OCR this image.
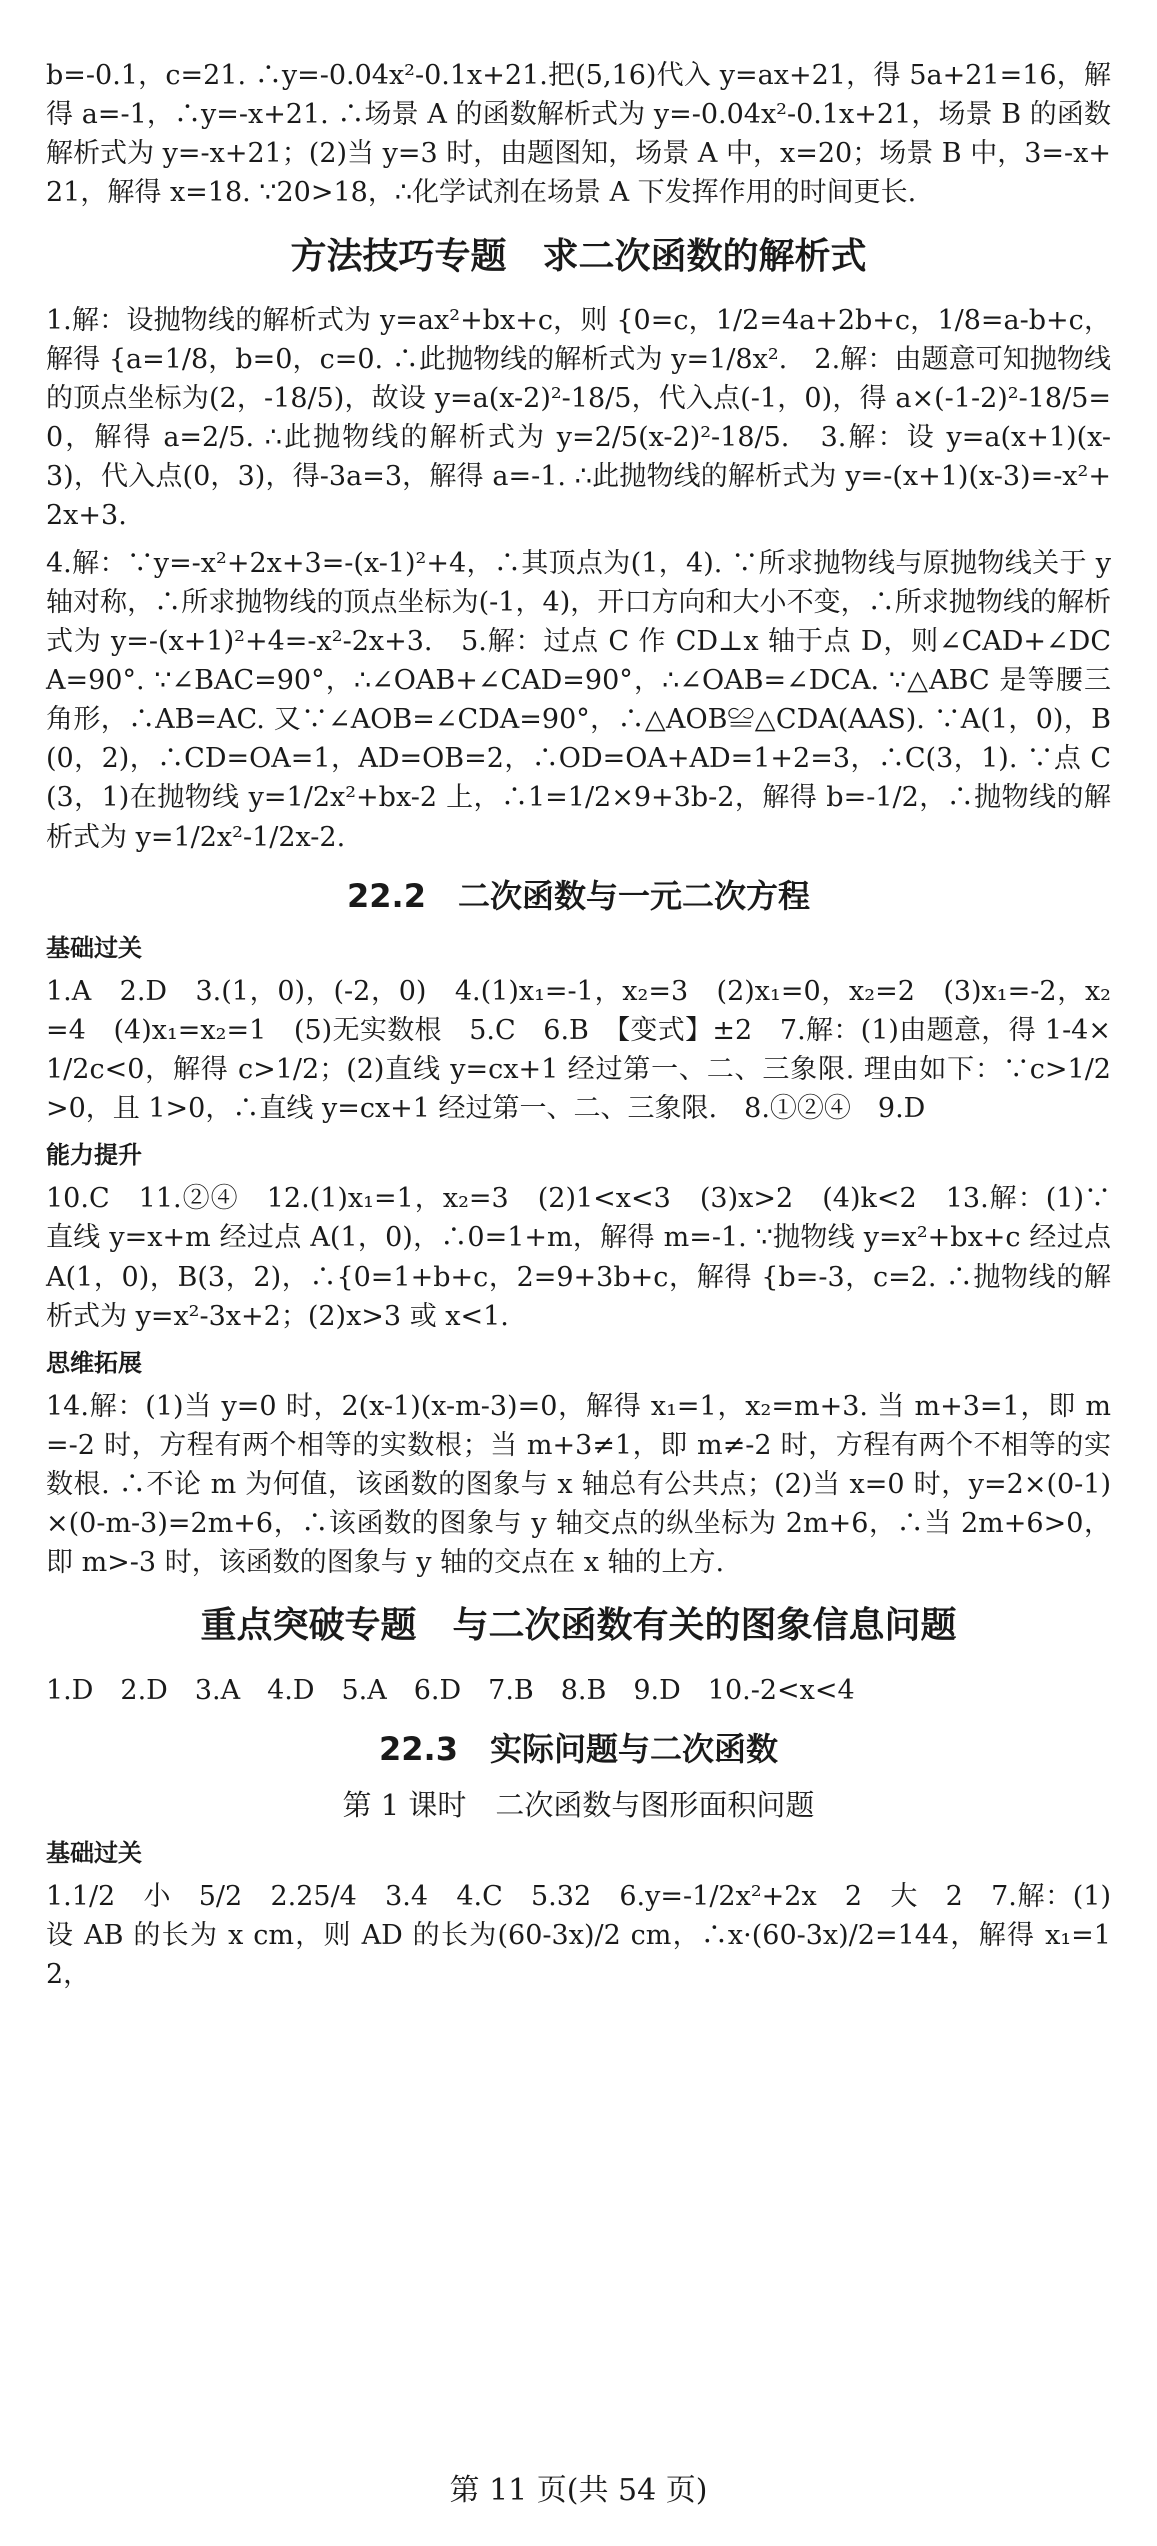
b=-0.1，c=21. ∴y=-0.04x²-0.1x+21.把(5,16)代入 y=ax+21，得 5a+21=16，解得 a=-1，∴y=-x+21. ∴场景 A 的函数解析式为 y=-0.04x²-0.1x+21，场景 B 的函数解析式为 y=-x+21；(2)当 y=3 时，由题图知，场景 A 中，x=20；场景 B 中，3=-x+21，解得 x=18. ∵20>18，∴化学试剂在场景 A 下发挥作用的时间更长.
方法技巧专题　求二次函数的解析式
1.解：设抛物线的解析式为 y=ax²+bx+c，则 {0=c，1/2=4a+2b+c，1/8=a-b+c，解得 {a=1/8，b=0，c=0. ∴此抛物线的解析式为 y=1/8x².　2.解：由题意可知抛物线的顶点坐标为(2，-18/5)，故设 y=a(x-2)²-18/5，代入点(-1，0)，得 a×(-1-2)²-18/5=0，解得 a=2/5. ∴此抛物线的解析式为 y=2/5(x-2)²-18/5.　3.解：设 y=a(x+1)(x-3)，代入点(0，3)，得-3a=3，解得 a=-1. ∴此抛物线的解析式为 y=-(x+1)(x-3)=-x²+2x+3.
4.解：∵y=-x²+2x+3=-(x-1)²+4，∴其顶点为(1，4). ∵所求抛物线与原抛物线关于 y 轴对称，∴所求抛物线的顶点坐标为(-1，4)，开口方向和大小不变，∴所求抛物线的解析式为 y=-(x+1)²+4=-x²-2x+3.　5.解：过点 C 作 CD⊥x 轴于点 D，则∠CAD+∠DCA=90°. ∵∠BAC=90°，∴∠OAB+∠CAD=90°，∴∠OAB=∠DCA. ∵△ABC 是等腰三角形，∴AB=AC. 又∵∠AOB=∠CDA=90°，∴△AOB≌△CDA(AAS). ∵A(1，0)，B(0，2)，∴CD=OA=1，AD=OB=2，∴OD=OA+AD=1+2=3，∴C(3，1). ∵点 C(3，1)在抛物线 y=1/2x²+bx-2 上，∴1=1/2×9+3b-2，解得 b=-1/2，∴抛物线的解析式为 y=1/2x²-1/2x-2.
22.2　二次函数与一元二次方程
基础过关
1.A　2.D　3.(1，0)，(-2，0)　4.(1)x₁=-1，x₂=3　(2)x₁=0，x₂=2　(3)x₁=-2，x₂=4　(4)x₁=x₂=1　(5)无实数根　5.C　6.B　【变式】±2　7.解：(1)由题意，得 1-4×1/2c<0，解得 c>1/2；(2)直线 y=cx+1 经过第一、二、三象限. 理由如下：∵c>1/2>0，且 1>0，∴直线 y=cx+1 经过第一、二、三象限.　8.①②④　9.D
能力提升
10.C　11.②④　12.(1)x₁=1，x₂=3　(2)1<x<3　(3)x>2　(4)k<2　13.解：(1)∵直线 y=x+m 经过点 A(1，0)，∴0=1+m，解得 m=-1. ∵抛物线 y=x²+bx+c 经过点 A(1，0)，B(3，2)，∴{0=1+b+c，2=9+3b+c，解得 {b=-3，c=2. ∴抛物线的解析式为 y=x²-3x+2；(2)x>3 或 x<1.
思维拓展
14.解：(1)当 y=0 时，2(x-1)(x-m-3)=0，解得 x₁=1，x₂=m+3. 当 m+3=1，即 m=-2 时，方程有两个相等的实数根；当 m+3≠1，即 m≠-2 时，方程有两个不相等的实数根. ∴不论 m 为何值，该函数的图象与 x 轴总有公共点；(2)当 x=0 时，y=2×(0-1)×(0-m-3)=2m+6，∴该函数的图象与 y 轴交点的纵坐标为 2m+6，∴当 2m+6>0，即 m>-3 时，该函数的图象与 y 轴的交点在 x 轴的上方.
重点突破专题　与二次函数有关的图象信息问题
1.D　2.D　3.A　4.D　5.A　6.D　7.B　8.B　9.D　10.-2<x<4
22.3　实际问题与二次函数
第 1 课时　二次函数与图形面积问题
基础过关
1.1/2　小　5/2　2.25/4　3.4　4.C　5.32　6.y=-1/2x²+2x　2　大　2　7.解：(1)设 AB 的长为 x cm，则 AD 的长为(60-3x)/2 cm，∴x·(60-3x)/2=144，解得 x₁=12，
第 11 页(共 54 页)
